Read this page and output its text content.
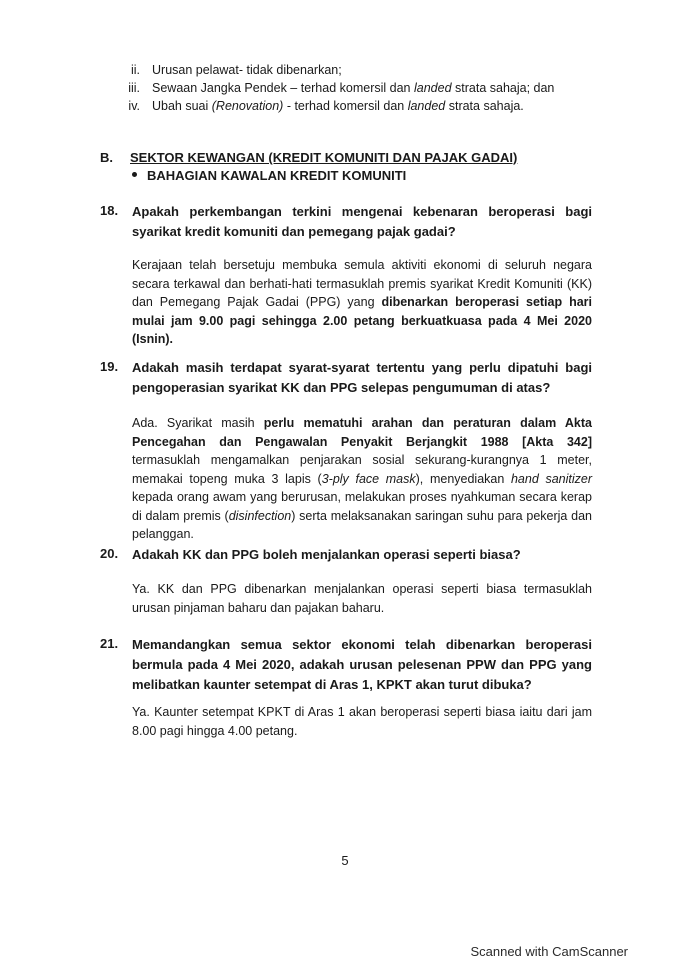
ii. Urusan pelawat- tidak dibenarkan;
iii. Sewaan Jangka Pendek – terhad komersil dan landed strata sahaja; dan
iv. Ubah suai (Renovation) - terhad komersil dan landed strata sahaja.
B. SEKTOR KEWANGAN (KREDIT KOMUNITI DAN PAJAK GADAI)
BAHAGIAN KAWALAN KREDIT KOMUNITI
18. Apakah perkembangan terkini mengenai kebenaran beroperasi bagi syarikat kredit komuniti dan pemegang pajak gadai?
Kerajaan telah bersetuju membuka semula aktiviti ekonomi di seluruh negara secara terkawal dan berhati-hati termasuklah premis syarikat Kredit Komuniti (KK) dan Pemegang Pajak Gadai (PPG) yang dibenarkan beroperasi setiap hari mulai jam 9.00 pagi sehingga 2.00 petang berkuatkuasa pada 4 Mei 2020 (Isnin).
19. Adakah masih terdapat syarat-syarat tertentu yang perlu dipatuhi bagi pengoperasian syarikat KK dan PPG selepas pengumuman di atas?
Ada. Syarikat masih perlu mematuhi arahan dan peraturan dalam Akta Pencegahan dan Pengawalan Penyakit Berjangkit 1988 [Akta 342] termasuklah mengamalkan penjarakan sosial sekurang-kurangnya 1 meter, memakai topeng muka 3 lapis (3-ply face mask), menyediakan hand sanitizer kepada orang awam yang berurusan, melakukan proses nyahkuman secara kerap di dalam premis (disinfection) serta melaksanakan saringan suhu para pekerja dan pelanggan.
20. Adakah KK dan PPG boleh menjalankan operasi seperti biasa?
Ya. KK dan PPG dibenarkan menjalankan operasi seperti biasa termasuklah urusan pinjaman baharu dan pajakan baharu.
21. Memandangkan semua sektor ekonomi telah dibenarkan beroperasi bermula pada 4 Mei 2020, adakah urusan pelesenan PPW dan PPG yang melibatkan kaunter setempat di Aras 1, KPKT akan turut dibuka?
Ya. Kaunter setempat KPKT di Aras 1 akan beroperasi seperti biasa iaitu dari jam 8.00 pagi hingga 4.00 petang.
5
Scanned with CamScanner
